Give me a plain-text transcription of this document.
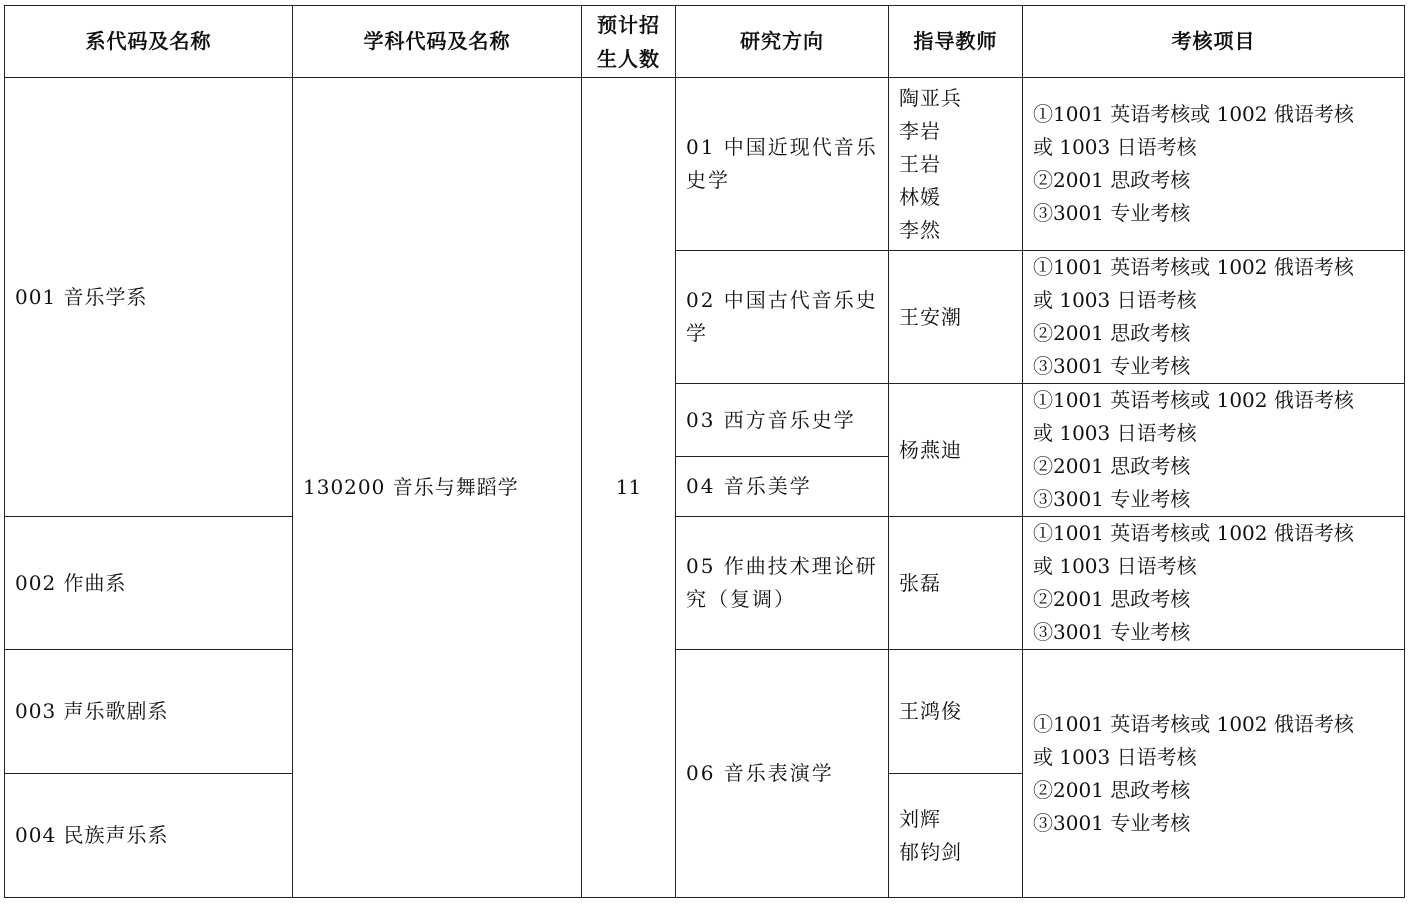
系代码及名称	学科代码及名称	预计招生人数	研究方向	指导教师	考核项目
001 音乐学系	130200 音乐与舞蹈学	11	01 中国近现代音乐史学	陶亚兵
李岩
王岩
林媛
李然	①1001 英语考核或 1002 俄语考核
或 1003 日语考核
②2001 思政考核
③3001 专业考核

			02 中国古代音乐史学	王安潮	①1001 英语考核或 1002 俄语考核
或 1003 日语考核
②2001 思政考核
③3001 专业考核

			03 西方音乐史学	杨燕迪	①1001 英语考核或 1002 俄语考核
或 1003 日语考核
②2001 思政考核
③3001 专业考核

			04 音乐美学		

002 作曲系			05 作曲技术理论研究（复调）	张磊	①1001 英语考核或 1002 俄语考核
或 1003 日语考核
②2001 思政考核
③3001 专业考核

003 声乐歌剧系			06 音乐表演学	王鸿俊	①1001 英语考核或 1002 俄语考核
或 1003 日语考核
②2001 思政考核
③3001 专业考核

004 民族声乐系				刘辉
郁钧剑	
